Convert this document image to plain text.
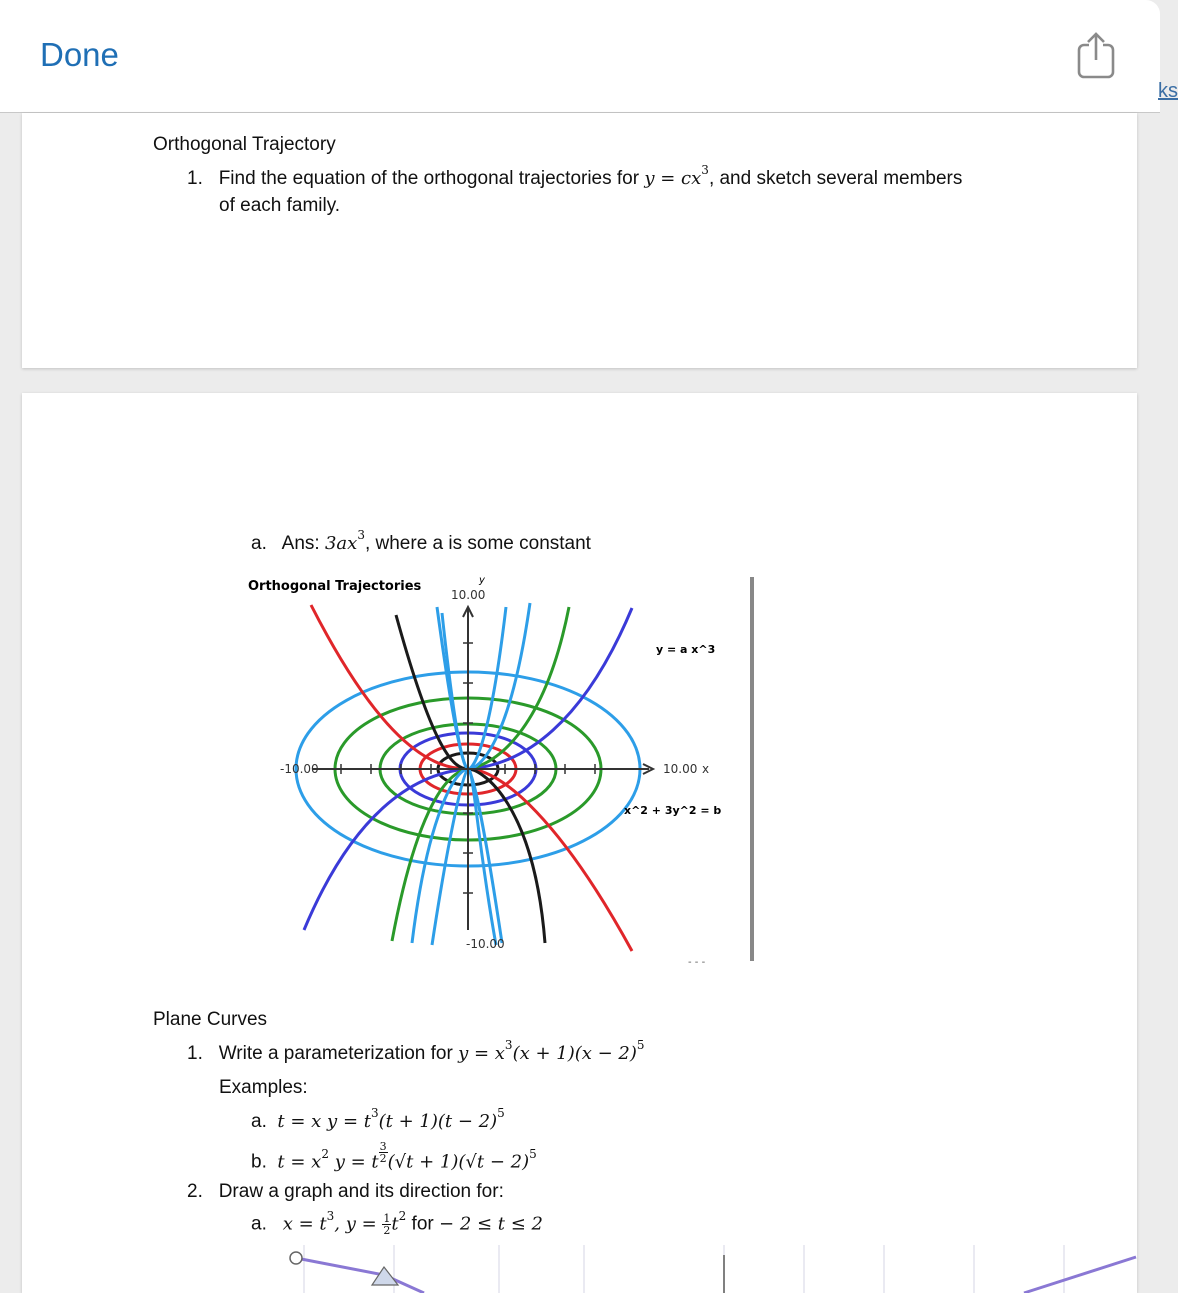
Done
ks
Orthogonal Trajectory
1. Find the equation of the orthogonal trajectories for $y = cx^3$, and sketch several members
of each family.
a. Ans: $3ax^3$, where a is some constant
Orthogonal Trajectories	y
10.00
-10.00
-10.00	10.00 x
y = a x^3
x^2 + 3y^2 = b
- - -
Plane Curves
1. Write a parameterization for $y = x^3(x + 1)(x - 2)^5$
Examples:
a. t = x $y = t^3(t + 1)(t - 2)^5$
b. $t = x^2$ y = t $\frac{3}{2} (√t + 1)(√t - 2)^5$
2. Draw a graph and its direction for:
a. $x = t^3$, $y = \frac{1}{2} t^2$ for − 2 ≤ t ≤ 2
